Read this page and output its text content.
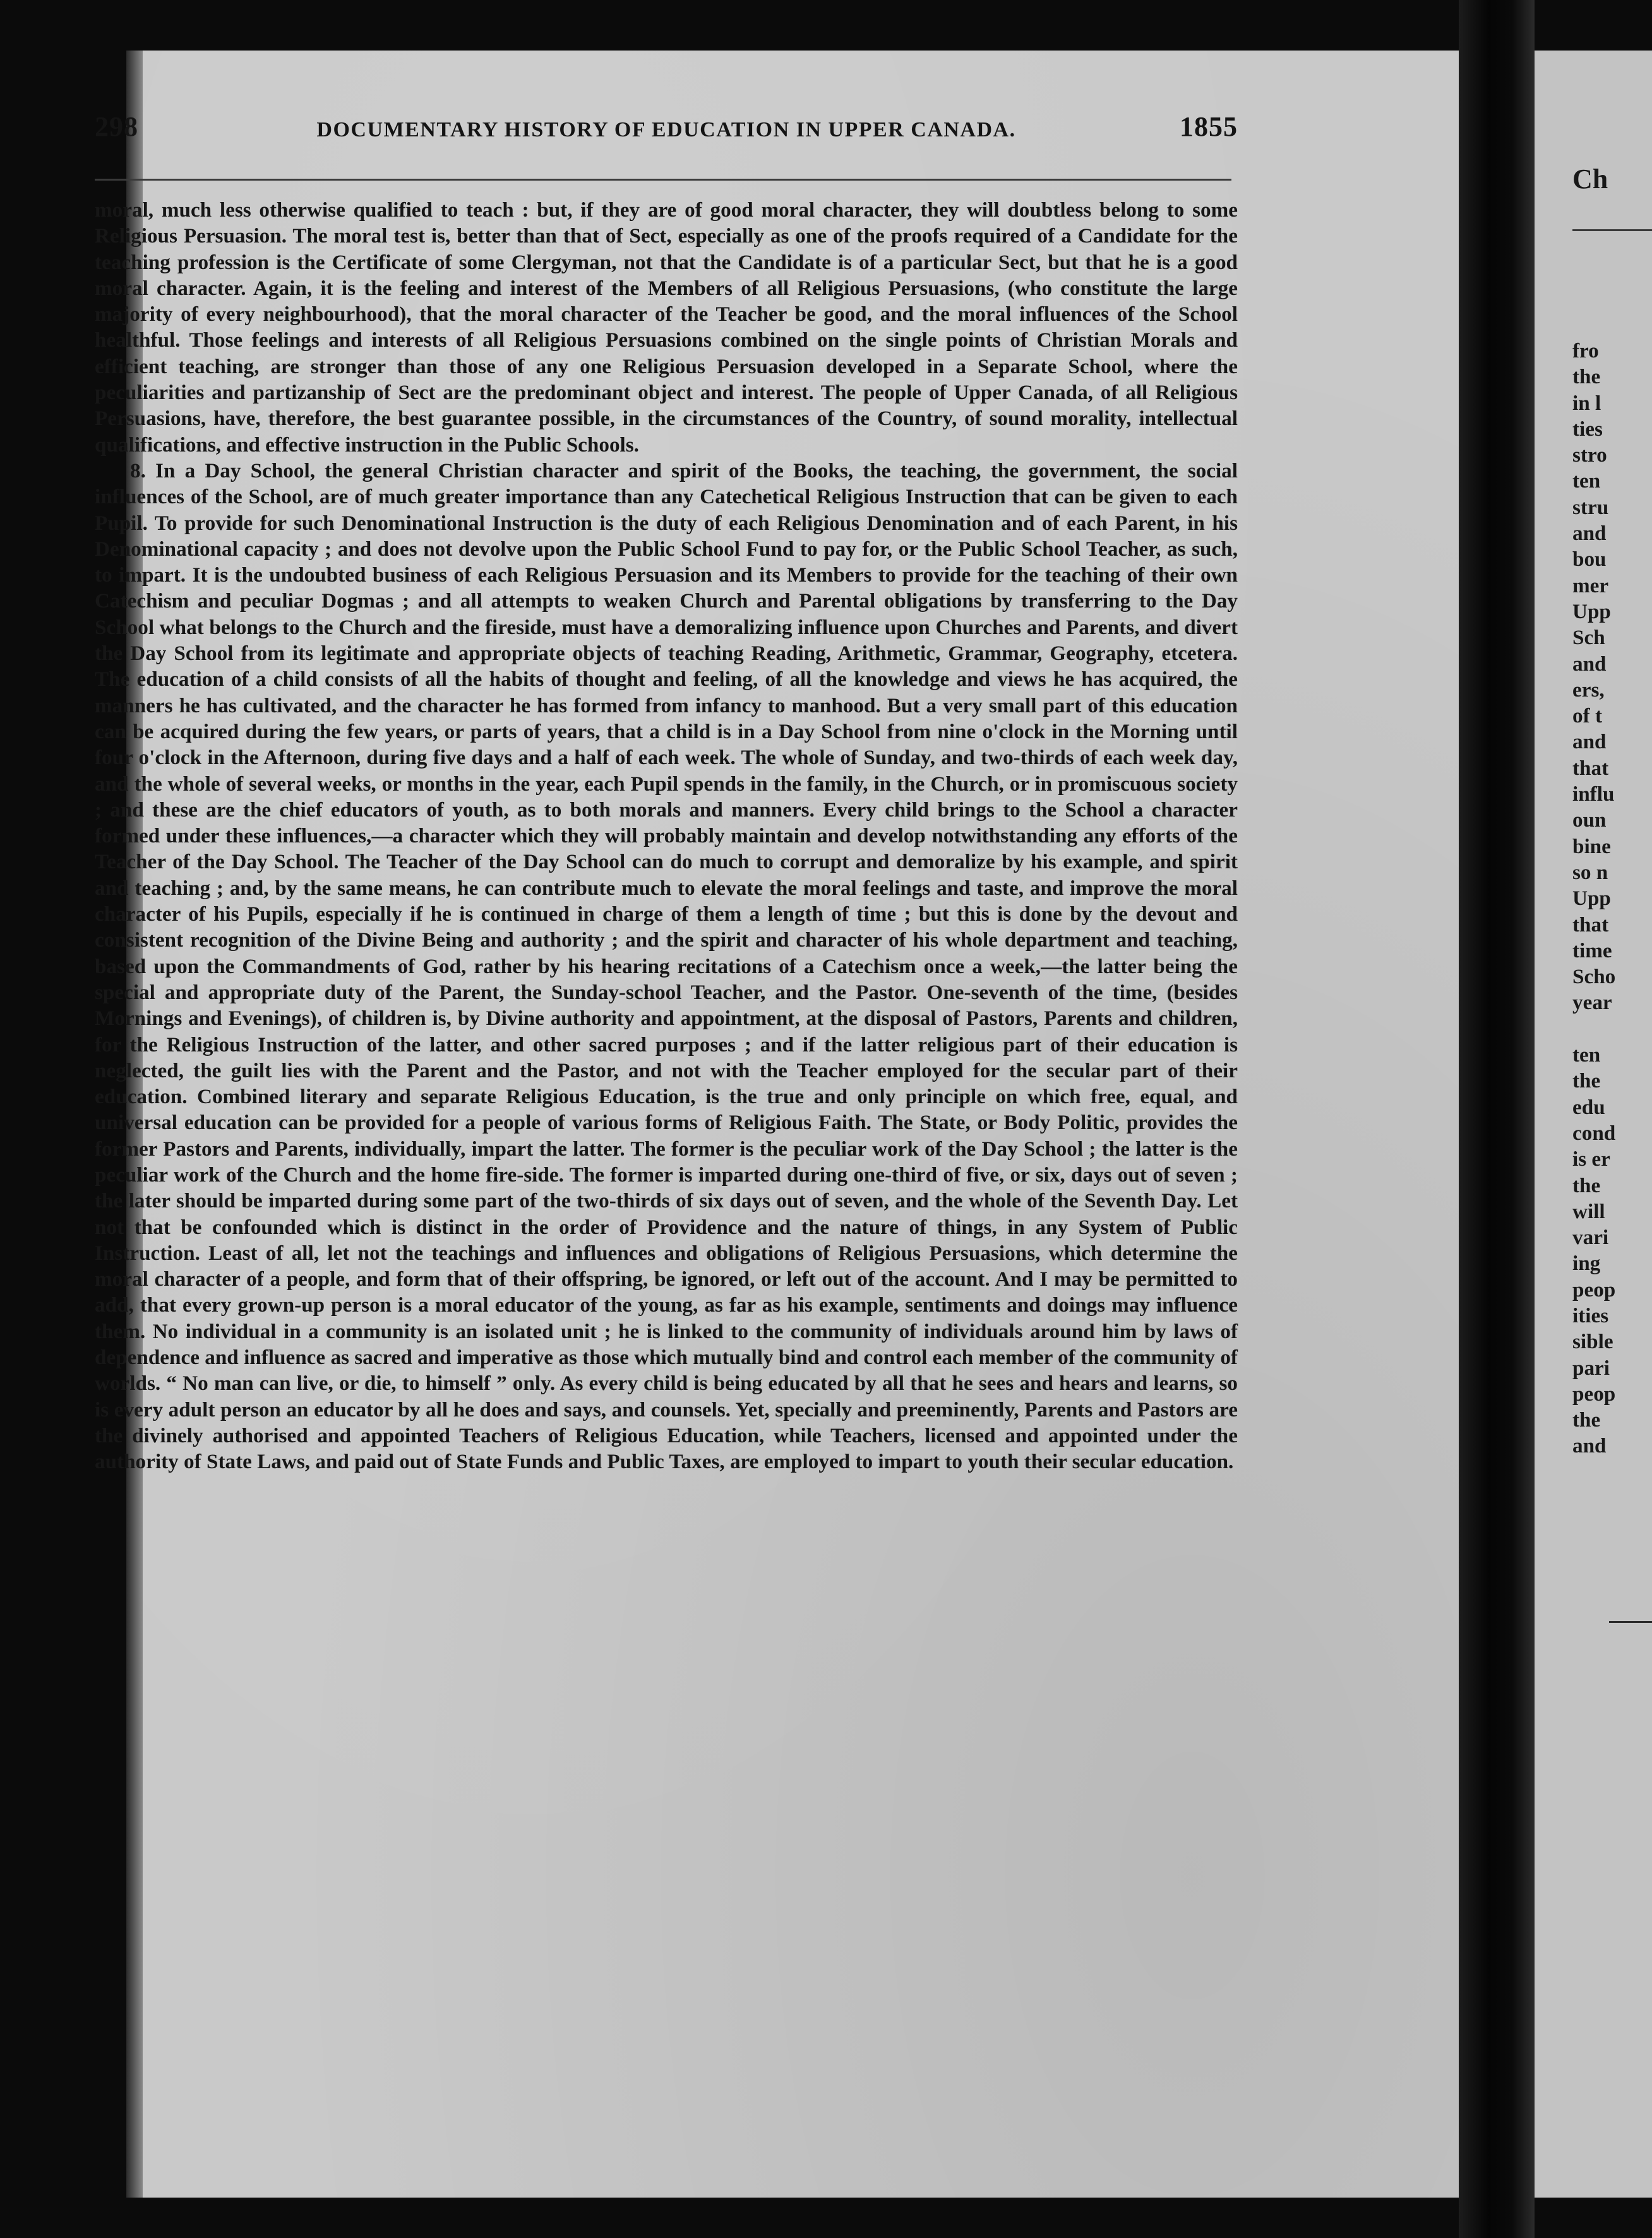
298	DOCUMENTARY HISTORY OF EDUCATION IN UPPER CANADA.	1855

moral, much less otherwise qualified to teach : but, if they are of good moral character, they will doubtless belong to some Religious Persuasion. The moral test is, better than that of Sect, especially as one of the proofs required of a Candidate for the teaching profession is the Certificate of some Clergyman, not that the Candidate is of a particular Sect, but that he is a good moral character. Again, it is the feeling and interest of the Members of all Religious Persuasions, (who constitute the large majority of every neighbourhood), that the moral character of the Teacher be good, and the moral influences of the School healthful. Those feelings and interests of all Religious Persuasions combined on the single points of Christian Morals and efficient teaching, are stronger than those of any one Religious Persuasion developed in a Separate School, where the peculiarities and partizanship of Sect are the predominant object and interest. The people of Upper Canada, of all Religious Persuasions, have, therefore, the best guarantee possible, in the circumstances of the Country, of sound morality, intellectual qualifications, and effective instruction in the Public Schools.

8. In a Day School, the general Christian character and spirit of the Books, the teaching, the government, the social influences of the School, are of much greater importance than any Catechetical Religious Instruction that can be given to each Pupil. To provide for such Denominational Instruction is the duty of each Religious Denomination and of each Parent, in his Denominational capacity ; and does not devolve upon the Public School Fund to pay for, or the Public School Teacher, as such, to impart. It is the undoubted business of each Religious Persuasion and its Members to provide for the teaching of their own Catechism and peculiar Dogmas ; and all attempts to weaken Church and Parental obligations by transferring to the Day School what belongs to the Church and the fireside, must have a demoralizing influence upon Churches and Parents, and divert the Day School from its legitimate and appropriate objects of teaching Reading, Arithmetic, Grammar, Geography, etcetera. The education of a child consists of all the habits of thought and feeling, of all the knowledge and views he has acquired, the manners he has cultivated, and the character he has formed from infancy to manhood. But a very small part of this education can be acquired during the few years, or parts of years, that a child is in a Day School from nine o'clock in the Morning until four o'clock in the Afternoon, during five days and a half of each week. The whole of Sunday, and two-thirds of each week day, and the whole of several weeks, or months in the year, each Pupil spends in the family, in the Church, or in promiscuous society ; and these are the chief educators of youth, as to both morals and manners. Every child brings to the School a character formed under these influences,—a character which they will probably maintain and develop notwithstanding any efforts of the Teacher of the Day School. The Teacher of the Day School can do much to corrupt and demoralize by his example, and spirit and teaching ; and, by the same means, he can contribute much to elevate the moral feelings and taste, and improve the moral character of his Pupils, especially if he is continued in charge of them a length of time ; but this is done by the devout and consistent recognition of the Divine Being and authority ; and the spirit and character of his whole department and teaching, based upon the Commandments of God, rather by his hearing recitations of a Catechism once a week,—the latter being the special and appropriate duty of the Parent, the Sunday-school Teacher, and the Pastor. One-seventh of the time, (besides Mornings and Evenings), of children is, by Divine authority and appointment, at the disposal of Pastors, Parents and children, for the Religious Instruction of the latter, and other sacred purposes ; and if the latter religious part of their education is neglected, the guilt lies with the Parent and the Pastor, and not with the Teacher employed for the secular part of their education. Combined literary and separate Religious Education, is the true and only principle on which free, equal, and universal education can be provided for a people of various forms of Religious Faith. The State, or Body Politic, provides the former Pastors and Parents, individually, impart the latter. The former is the peculiar work of the Day School ; the latter is the peculiar work of the Church and the home fire-side. The former is imparted during one-third of five, or six, days out of seven ; the later should be imparted during some part of the two-thirds of six days out of seven, and the whole of the Seventh Day. Let not that be confounded which is distinct in the order of Providence and the nature of things, in any System of Public Instruction. Least of all, let not the teachings and influences and obligations of Religious Persuasions, which determine the moral character of a people, and form that of their offspring, be ignored, or left out of the account. And I may be permitted to add, that every grown-up person is a moral educator of the young, as far as his example, sentiments and doings may influence them. No individual in a community is an isolated unit ; he is linked to the community of individuals around him by laws of dependence and influence as sacred and imperative as those which mutually bind and control each member of the community of worlds. “ No man can live, or die, to himself ” only. As every child is being educated by all that he sees and hears and learns, so is every adult person an educator by all he does and says, and counsels. Yet, specially and preeminently, Parents and Pastors are the divinely authorised and appointed Teachers of Religious Education, while Teachers, licensed and appointed under the authority of State Laws, and paid out of State Funds and Public Taxes, are employed to impart to youth their secular education.

Ch
fro
the
in l
ties
stro
ten
stru
and
bou
mer
Upp
Sch
and
ers,
of t
and
that
influ
oun
bine
so n
Upp
that
time
Scho
year

ten
the
edu
cond
is er
the
will
vari
ing
peop
ities
sible
pari
peop
the
and
